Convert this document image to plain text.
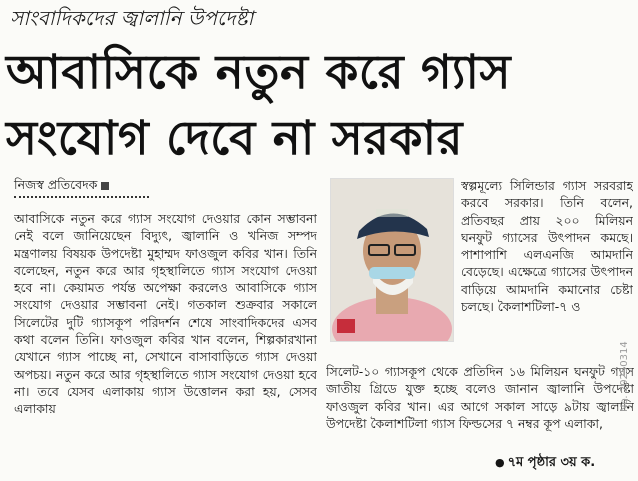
সাংবাদিকদের জ্বালানি উপদেষ্টা
আবাসিকে নতুন করে গ্যাস
সংযোগ দেবে না সরকার
নিজস্ব প্রতিবেদক
আবাসিকে নতুন করে গ্যাস সংযোগ দেওয়ার কোন সম্ভাবনা নেই বলে জানিয়েছেন বিদ্যুৎ, জ্বালানি ও খনিজ সম্পদ মন্ত্রণালয় বিষয়ক উপদেষ্টা মুহাম্মদ ফাওজুল কবির খান। তিনি বলেছেন, নতুন করে আর গৃহস্থালিতে গ্যাস সংযোগ দেওয়া হবে না। কেয়ামত পর্যন্ত অপেক্ষা করলেও আবাসিকে গ্যাস সংযোগ দেওয়ার সম্ভাবনা নেই। গতকাল শুক্রবার সকালে সিলেটের দুটি গ্যাসকূপ পরিদর্শন শেষে সাংবাদিকদের এসব কথা বলেন তিনি। ফাওজুল কবির খান বলেন, শিল্পকারখানা যেখানে গ্যাস পাচ্ছে না, সেখানে বাসাবাড়িতে গ্যাস দেওয়া অপচয়। নতুন করে আর গৃহস্থালিতে গ্যাস সংযোগ দেওয়া হবে না। তবে যেসব এলাকায় গ্যাস উত্তোলন করা হয়, সেসব এলাকায়
স্বল্পমূল্যে সিলিন্ডার গ্যাস সরবরাহ করবে সরকার। তিনি বলেন, প্রতিবছর প্রায় ২০০ মিলিয়ন ঘনফুট গ্যাসের উৎপাদন কমছে। পাশাপাশি এলএনজি আমদানি বেড়েছে। এক্ষেত্রে গ্যাসের উৎপাদন বাড়িয়ে আমদানি কমানোর চেষ্টা চলছে। কৈলাশটিলা-৭ ও
সিলেট-১০ গ্যাসকূপ থেকে প্রতিদিন ১৬ মিলিয়ন ঘনফুট গ্যাস জাতীয় গ্রিডে যুক্ত হচ্ছে বলেও জানান জ্বালানি উপদেষ্টা ফাওজুল কবির খান। এর আগে সকাল সাড়ে ৯টায় জ্বালানি উপদেষ্টা কৈলাশটিলা গ্যাস ফিল্ডসের ৭ নম্বর কূপ এলাকা,
● ৭ম পৃষ্ঠার ৩য় ক.
No. 20250314
